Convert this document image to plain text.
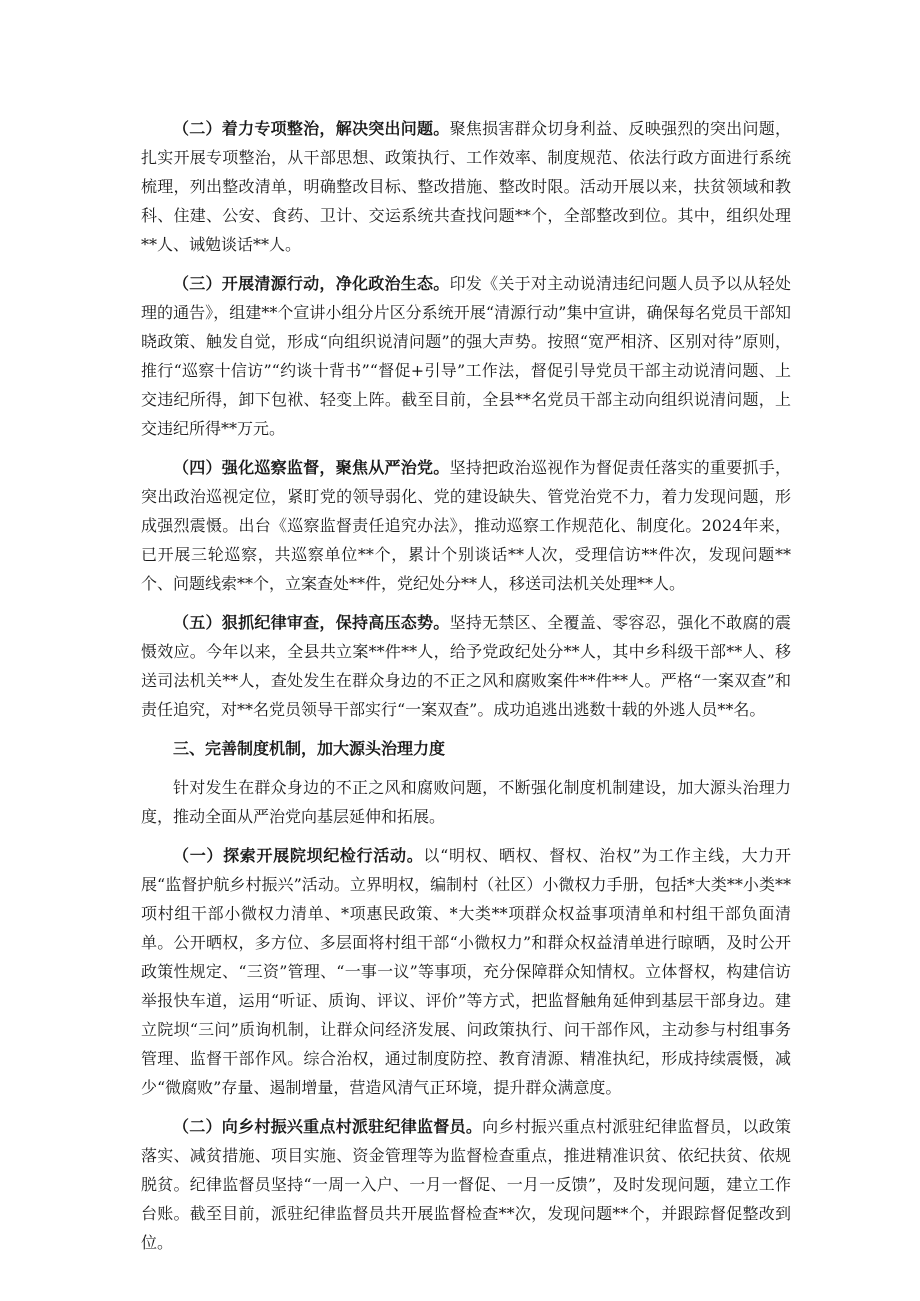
（二）着力专项整治，解决突出问题。聚焦损害群众切身利益、反映强烈的突出问题，扎实开展专项整治，从干部思想、政策执行、工作效率、制度规范、依法行政方面进行系统梳理，列出整改清单，明确整改目标、整改措施、整改时限。活动开展以来，扶贫领域和教科、住建、公安、食药、卫计、交运系统共查找问题**个，全部整改到位。其中，组织处理**人、诫勉谈话**人。

（三）开展清源行动，净化政治生态。印发《关于对主动说清违纪问题人员予以从轻处理的通告》，组建**个宣讲小组分片区分系统开展“清源行动”集中宣讲，确保每名党员干部知晓政策、触发自觉，形成“向组织说清问题”的强大声势。按照“宽严相济、区别对待”原则，推行“巡察十信访”“约谈十背书”“督促+引导”工作法，督促引导党员干部主动说清问题、上交违纪所得，卸下包袱、轻变上阵。截至目前，全县**名党员干部主动向组织说清问题，上交违纪所得**万元。

（四）强化巡察监督，聚焦从严治党。坚持把政治巡视作为督促责任落实的重要抓手，突出政治巡视定位，紧盯党的领导弱化、党的建设缺失、管党治党不力，着力发现问题，形成强烈震慑。出台《巡察监督责任追究办法》，推动巡察工作规范化、制度化。2024年来，已开展三轮巡察，共巡察单位**个，累计个别谈话**人次，受理信访**件次，发现问题**个、问题线索**个，立案查处**件，党纪处分**人，移送司法机关处理**人。

（五）狠抓纪律审查，保持高压态势。坚持无禁区、全覆盖、零容忍，强化不敢腐的震慑效应。今年以来，全县共立案**件**人，给予党政纪处分**人，其中乡科级干部**人、移送司法机关**人，查处发生在群众身边的不正之风和腐败案件**件**人。严格“一案双查”和责任追究，对**名党员领导干部实行“一案双查”。成功追逃出逃数十载的外逃人员**名。

三、完善制度机制，加大源头治理力度

针对发生在群众身边的不正之风和腐败问题，不断强化制度机制建设，加大源头治理力度，推动全面从严治党向基层延伸和拓展。

（一）探索开展院坝纪检行活动。以“明权、晒权、督权、治权”为工作主线，大力开展“监督护航乡村振兴”活动。立界明权，编制村（社区）小微权力手册，包括*大类**小类**项村组干部小微权力清单、*项惠民政策、*大类**项群众权益事项清单和村组干部负面清单。公开晒权，多方位、多层面将村组干部“小微权力”和群众权益清单进行晾晒，及时公开政策性规定、“三资”管理、“一事一议”等事项，充分保障群众知情权。立体督权，构建信访举报快车道，运用“听证、质询、评议、评价”等方式，把监督触角延伸到基层干部身边。建立院坝“三问”质询机制，让群众问经济发展、问政策执行、问干部作风，主动参与村组事务管理、监督干部作风。综合治权，通过制度防控、教育清源、精准执纪，形成持续震慑，减少“微腐败”存量、遏制增量，营造风清气正环境，提升群众满意度。

（二）向乡村振兴重点村派驻纪律监督员。向乡村振兴重点村派驻纪律监督员，以政策落实、减贫措施、项目实施、资金管理等为监督检查重点，推进精准识贫、依纪扶贫、依规脱贫。纪律监督员坚持“一周一入户、一月一督促、一月一反馈”，及时发现问题，建立工作台账。截至目前，派驻纪律监督员共开展监督检查**次，发现问题**个，并跟踪督促整改到位。
